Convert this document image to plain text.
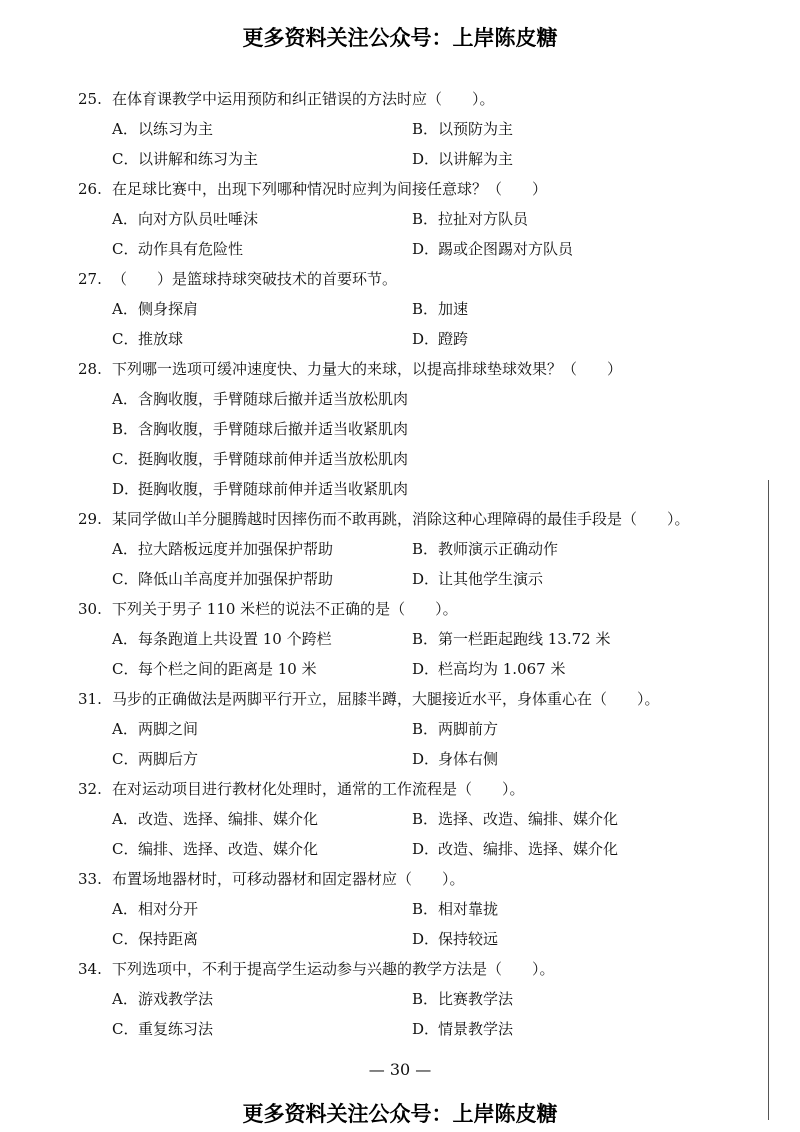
更多资料关注公众号：上岸陈皮糖
25. 在体育课教学中运用预防和纠正错误的方法时应（　　）。
A．以练习为主	B．以预防为主
C．以讲解和练习为主	D．以讲解为主
26. 在足球比赛中，出现下列哪种情况时应判为间接任意球？（　　）
A．向对方队员吐唾沫	B．拉扯对方队员
C．动作具有危险性	D．踢或企图踢对方队员
27. （　　）是篮球持球突破技术的首要环节。
A．侧身探肩	B．加速
C．推放球	D．蹬跨
28. 下列哪一选项可缓冲速度快、力量大的来球，以提高排球垫球效果？（　　）
A．含胸收腹，手臂随球后撤并适当放松肌肉
B．含胸收腹，手臂随球后撤并适当收紧肌肉
C．挺胸收腹，手臂随球前伸并适当放松肌肉
D．挺胸收腹，手臂随球前伸并适当收紧肌肉
29. 某同学做山羊分腿腾越时因摔伤而不敢再跳，消除这种心理障碍的最佳手段是（　　）。
A．拉大踏板远度并加强保护帮助	B．教师演示正确动作
C．降低山羊高度并加强保护帮助	D．让其他学生演示
30. 下列关于男子 110 米栏的说法不正确的是（　　）。
A．每条跑道上共设置 10 个跨栏	B．第一栏距起跑线 13.72 米
C．每个栏之间的距离是 10 米	D．栏高均为 1.067 米
31. 马步的正确做法是两脚平行开立，屈膝半蹲，大腿接近水平，身体重心在（　　）。
A．两脚之间	B．两脚前方
C．两脚后方	D．身体右侧
32. 在对运动项目进行教材化处理时，通常的工作流程是（　　）。
A．改造、选择、编排、媒介化	B．选择、改造、编排、媒介化
C．编排、选择、改造、媒介化	D．改造、编排、选择、媒介化
33. 布置场地器材时，可移动器材和固定器材应（　　）。
A．相对分开	B．相对靠拢
C．保持距离	D．保持较远
34. 下列选项中，不利于提高学生运动参与兴趣的教学方法是（　　）。
A．游戏教学法	B．比赛教学法
C．重复练习法	D．情景教学法
— 30 —
更多资料关注公众号：上岸陈皮糖
